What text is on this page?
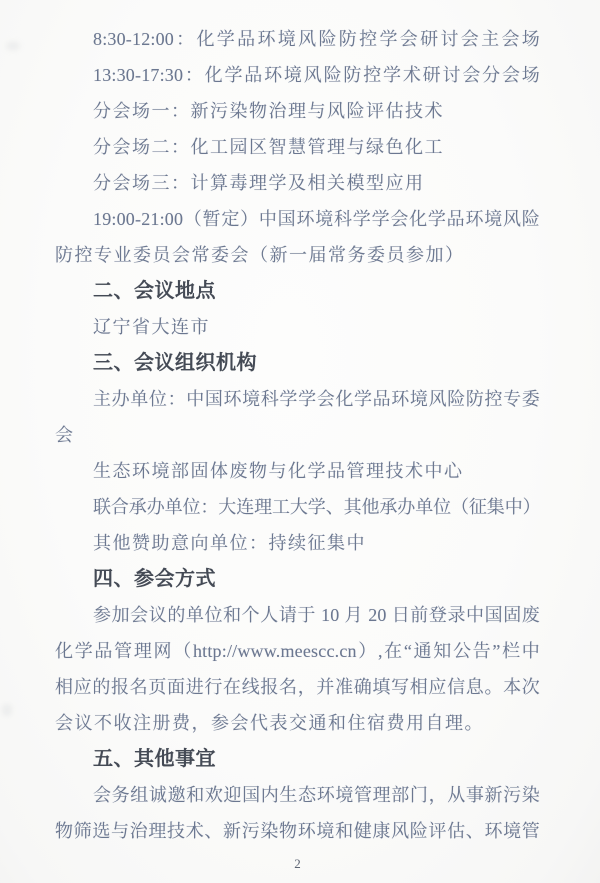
8:30-12:00：化学品环境风险防控学会研讨会主会场
13:30-17:30：化学品环境风险防控学术研讨会分会场
分会场一：新污染物治理与风险评估技术
分会场二：化工园区智慧管理与绿色化工
分会场三：计算毒理学及相关模型应用
19:00-21:00（暂定）中国环境科学学会化学品环境风险
防控专业委员会常委会（新一届常务委员参加）
二、会议地点
辽宁省大连市
三、会议组织机构
主办单位：中国环境科学学会化学品环境风险防控专委
会
生态环境部固体废物与化学品管理技术中心
联合承办单位：大连理工大学、其他承办单位（征集中）
其他赞助意向单位：持续征集中
四、参会方式
参加会议的单位和个人请于 10 月 20 日前登录中国固废
化学品管理网（http://www.meescc.cn）,在“通知公告”栏中
相应的报名页面进行在线报名，并准确填写相应信息。本次
会议不收注册费，参会代表交通和住宿费用自理。
五、其他事宜
会务组诚邀和欢迎国内生态环境管理部门，从事新污染
物筛选与治理技术、新污染物环境和健康风险评估、环境管
2
